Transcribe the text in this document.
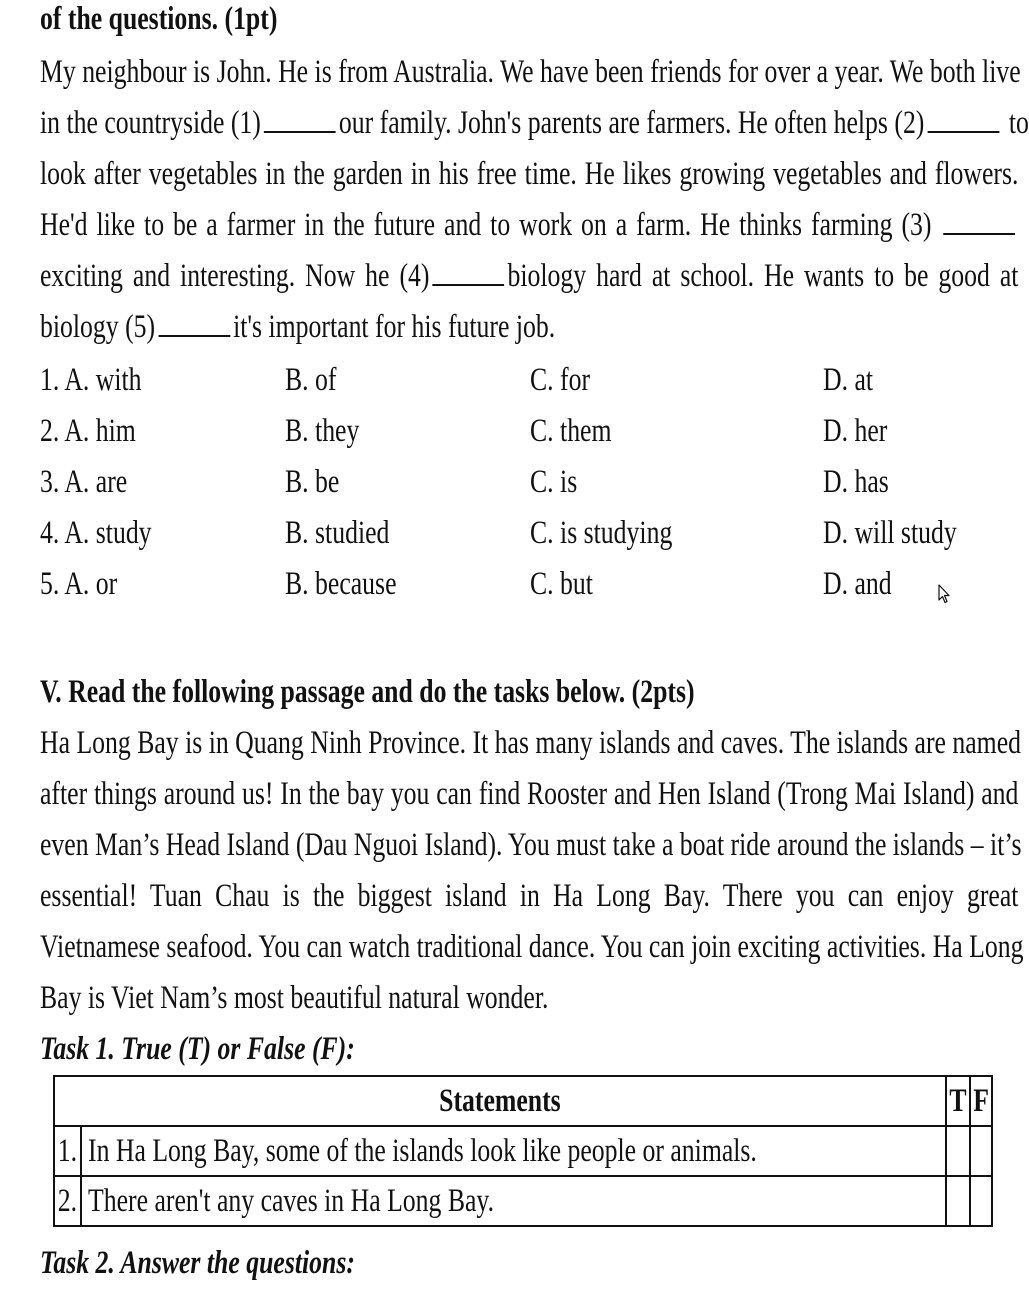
of the questions. (1pt)
My neighbour is John. He is from Australia. We have been friends for over a year. We both live
in the countryside (1) our family. John's parents are farmers. He often helps (2)	to
look after vegetables in the garden in his free time. He likes growing vegetables and flowers.
He'd like to be a farmer in the future and to work on a farm. He thinks farming (3)
exciting and interesting. Now he (4) biology hard at school. He wants to be good at
biology (5) it's important for his future job.
1. A. with	B. of	C. for	D. at
2. A. him	B. they	C. them	D. her
3. A. are	B. be	C. is	D. has
4. A. study	B. studied	C. is studying	D. will study
5. A. or	B. because	C. but	D. and
V. Read the following passage and do the tasks below. (2pts)
Ha Long Bay is in Quang Ninh Province. It has many islands and caves. The islands are named
after things around us! In the bay you can find Rooster and Hen Island (Trong Mai Island) and
even Man’s Head Island (Dau Nguoi Island). You must take a boat ride around the islands – it’s
essential! Tuan Chau is the biggest island in Ha Long Bay. There you can enjoy great
Vietnamese seafood. You can watch traditional dance. You can join exciting activities. Ha Long
Bay is Viet Nam’s most beautiful natural wonder.
Task 1. True (T) or False (F):
Task 2. Answer the questions:
Statements		T	F
1.	In Ha Long Bay, some of the islands look like people or animals.		
2.	There aren't any caves in Ha Long Bay.		
